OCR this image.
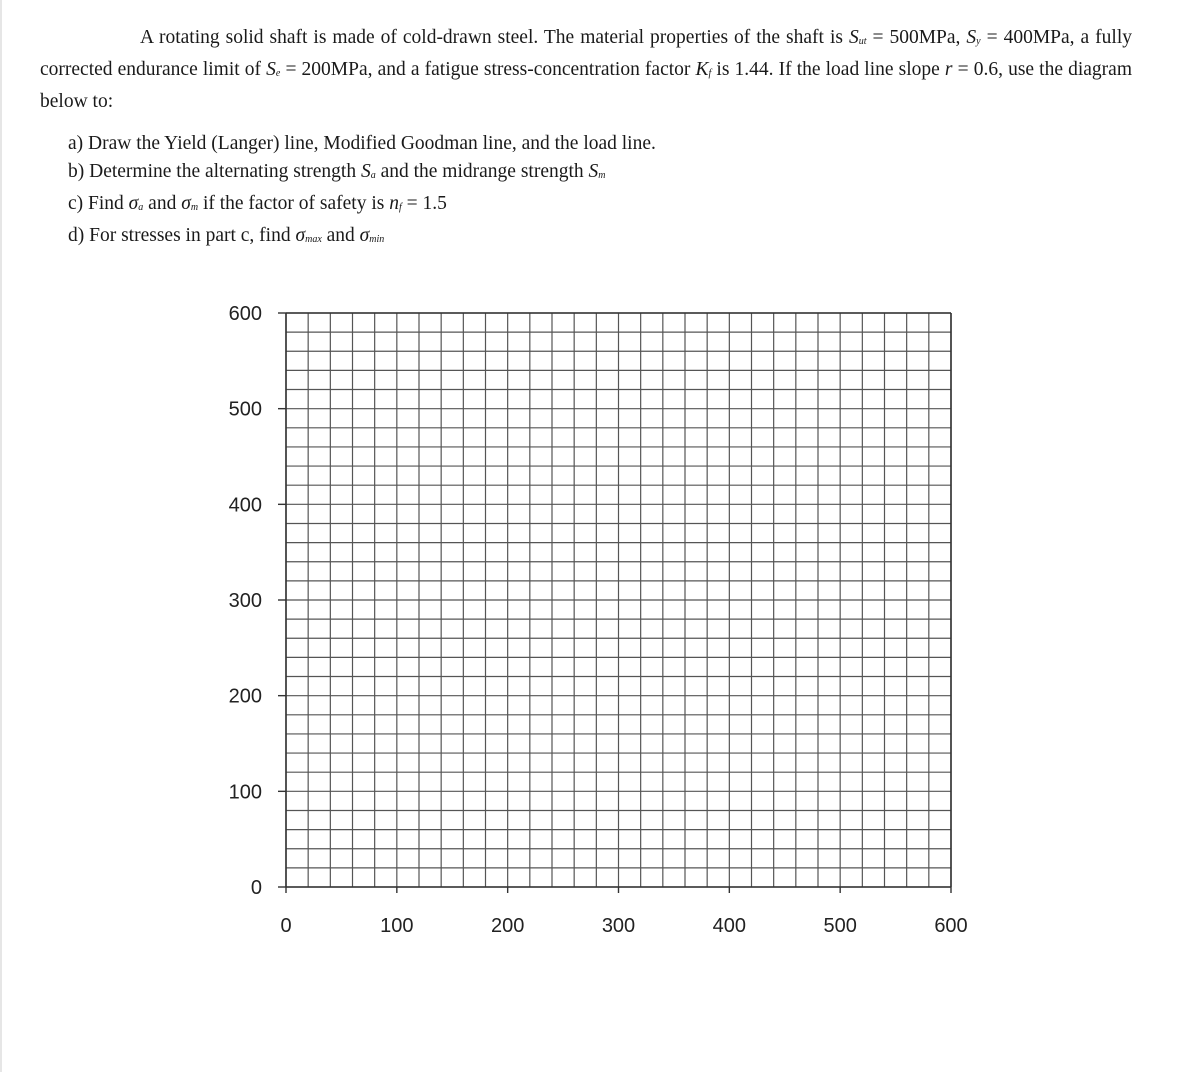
A rotating solid shaft is made of cold-drawn steel. The material properties of the shaft is $S_{ut} = 500MPa$, $S_y = 400MPa$, a fully corrected endurance limit of $S_e = 200MPa$, and a fatigue stress-concentration factor $K_f$ is 1.44. If the load line slope r = 0.6, use the diagram below to:

a) Draw the Yield (Langer) line, Modified Goodman line, and the load line.
b) Determine the alternating strength $S_a$ and the midrange strength $S_m$
c) Find $\sigma_a$ and $\sigma_m$ if the factor of safety is $n_f = 1.5$
d) For stresses in part c, find $\sigma_{max}$ and $\sigma_{min}$
0	100	200	300	400	500	600
0
100
200
300
400
500
600
